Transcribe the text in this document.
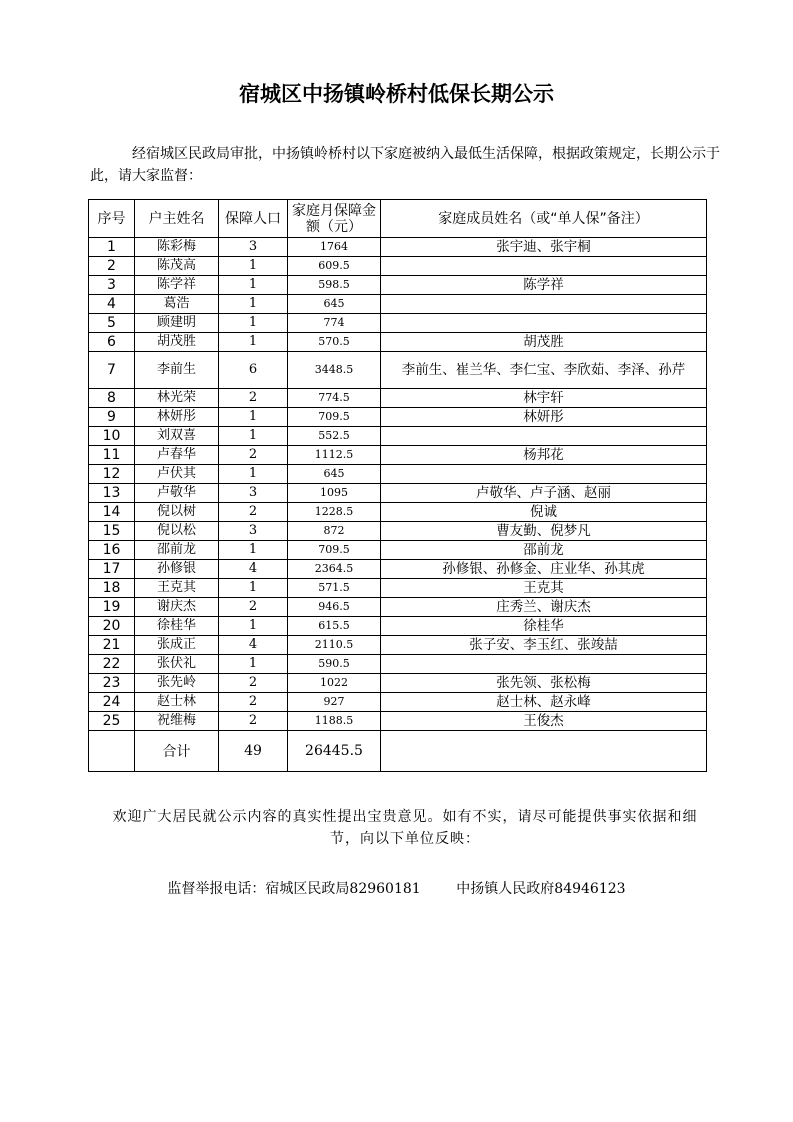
宿城区中扬镇岭桥村低保长期公示
经宿城区民政局审批，中扬镇岭桥村以下家庭被纳入最低生活保障，根据政策规定，长期公示于此，请大家监督：
序号	户主姓名	保障人口	家庭月保障金额（元）	家庭成员姓名（或“单人保”备注）
1	陈彩梅	3	1764	张宇迪、张宇桐
2	陈茂高	1	609.5	
3	陈学祥	1	598.5	陈学祥
4	葛浩	1	645	
5	顾建明	1	774	
6	胡茂胜	1	570.5	胡茂胜
7	李前生	6	3448.5	李前生、崔兰华、李仁宝、李欣茹、李泽、孙芹
8	林光荣	2	774.5	林宇轩
9	林妍彤	1	709.5	林妍彤
10	刘双喜	1	552.5	
11	卢春华	2	1112.5	杨邦花
12	卢伏其	1	645	
13	卢敬华	3	1095	卢敬华、卢子涵、赵丽
14	倪以树	2	1228.5	倪诚
15	倪以松	3	872	曹友勤、倪梦凡
16	邵前龙	1	709.5	邵前龙
17	孙修银	4	2364.5	孙修银、孙修金、庄业华、孙其虎
18	王克其	1	571.5	王克其
19	谢庆杰	2	946.5	庄秀兰、谢庆杰
20	徐桂华	1	615.5	徐桂华
21	张成正	4	2110.5	张子安、李玉红、张竣喆
22	张伏礼	1	590.5	
23	张先岭	2	1022	张先领、张松梅
24	赵士林	2	927	赵士林、赵永峰
25	祝维梅	2	1188.5	王俊杰
	合计	49	26445.5	
欢迎广大居民就公示内容的真实性提出宝贵意见。如有不实，请尽可能提供事实依据和细节，向以下单位反映：
监督举报电话：宿城区民政局82960181	中扬镇人民政府84946123
